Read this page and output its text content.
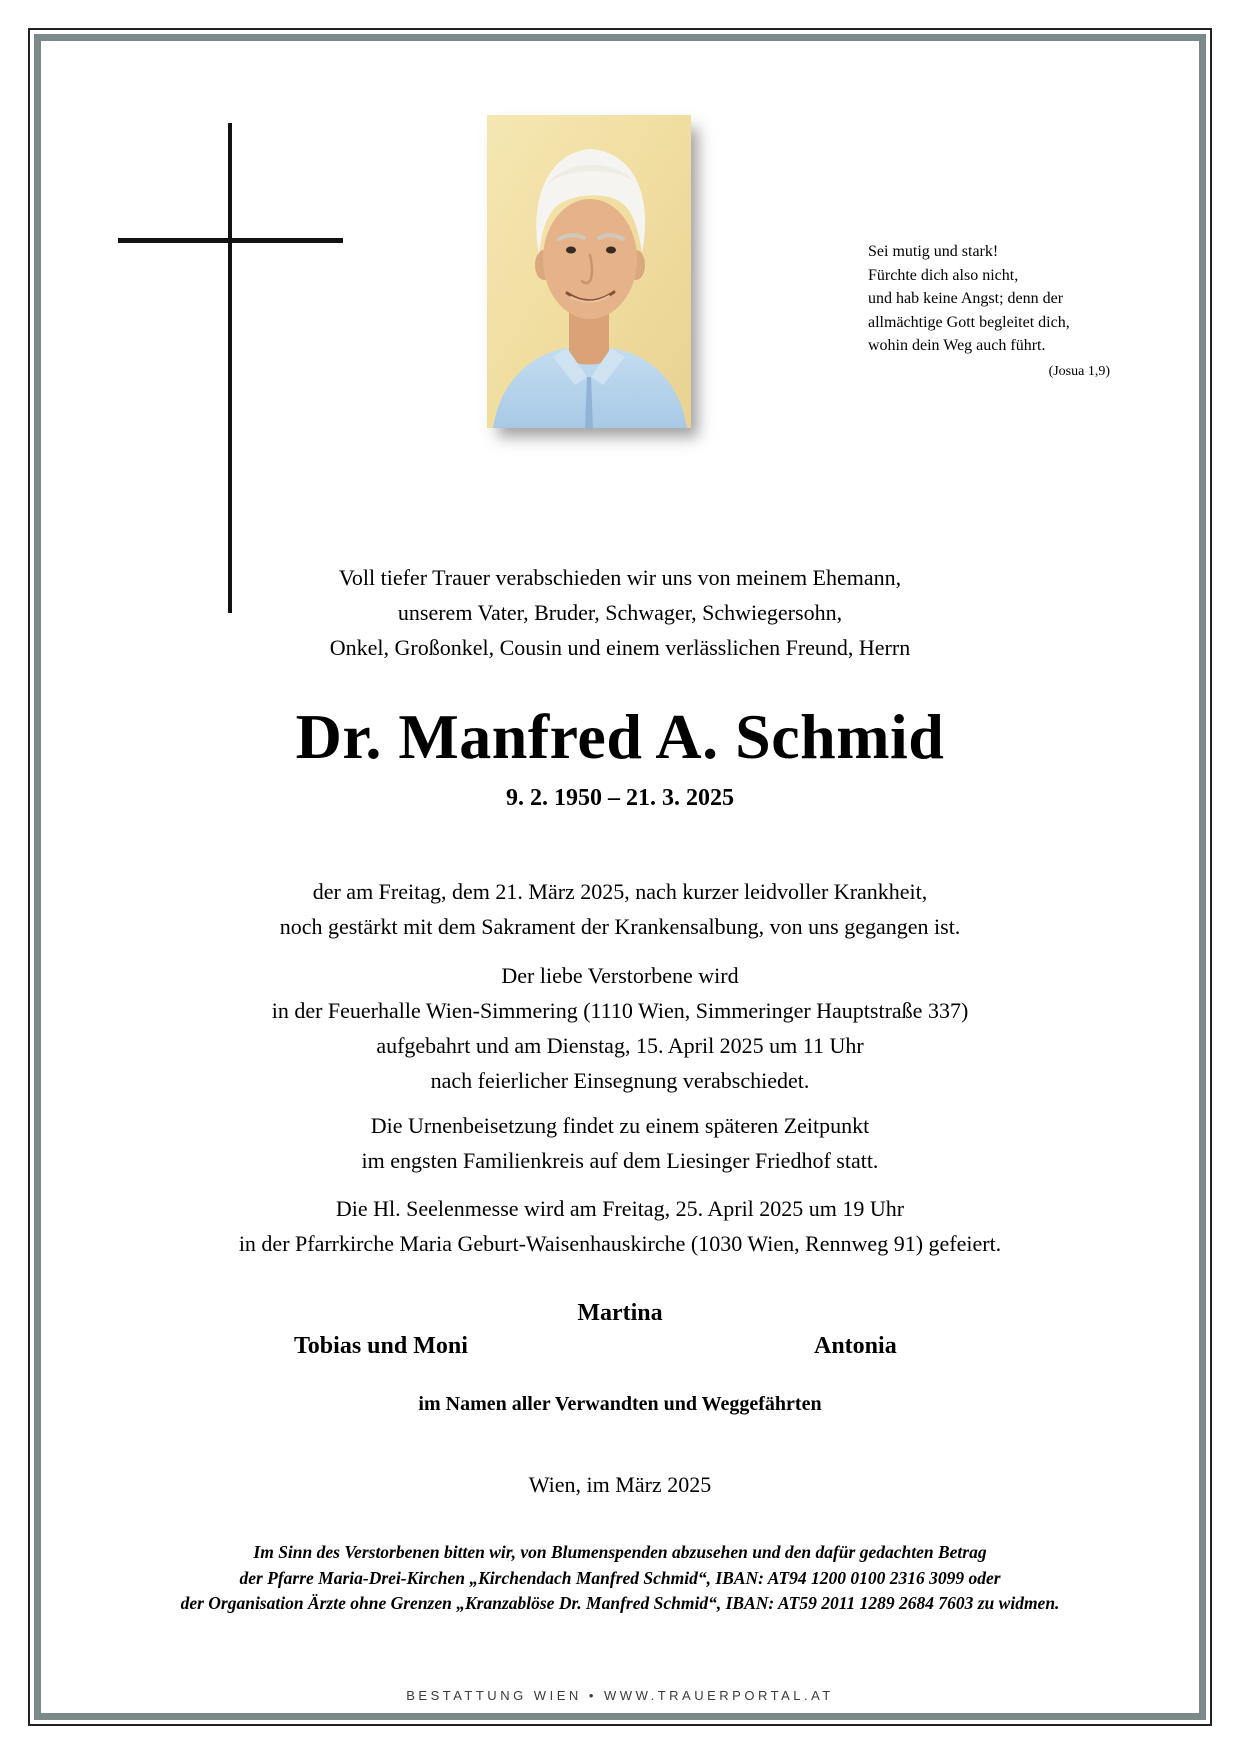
Sei mutig und stark!
Fürchte dich also nicht,
und hab keine Angst; denn der
allmächtige Gott begleitet dich,
wohin dein Weg auch führt.
(Josua 1,9)
Voll tiefer Trauer verabschieden wir uns von meinem Ehemann,
unserem Vater, Bruder, Schwager, Schwiegersohn,
Onkel, Großonkel, Cousin und einem verlässlichen Freund, Herrn
Dr. Manfred A. Schmid
9. 2. 1950 – 21. 3. 2025
der am Freitag, dem 21. März 2025, nach kurzer leidvoller Krankheit,
noch gestärkt mit dem Sakrament der Krankensalbung, von uns gegangen ist.
Der liebe Verstorbene wird
in der Feuerhalle Wien-Simmering (1110 Wien, Simmeringer Hauptstraße 337)
aufgebahrt und am Dienstag, 15. April 2025 um 11 Uhr
nach feierlicher Einsegnung verabschiedet.
Die Urnenbeisetzung findet zu einem späteren Zeitpunkt
im engsten Familienkreis auf dem Liesinger Friedhof statt.
Die Hl. Seelenmesse wird am Freitag, 25. April 2025 um 19 Uhr
in der Pfarrkirche Maria Geburt-Waisenhauskirche (1030 Wien, Rennweg 91) gefeiert.
Martina
Tobias und Moni	Antonia
im Namen aller Verwandten und Weggefährten
Wien, im März 2025
Im Sinn des Verstorbenen bitten wir, von Blumenspenden abzusehen und den dafür gedachten Betrag
der Pfarre Maria-Drei-Kirchen „Kirchendach Manfred Schmid“, IBAN: AT94 1200 0100 2316 3099 oder
der Organisation Ärzte ohne Grenzen „Kranzablöse Dr. Manfred Schmid“, IBAN: AT59 2011 1289 2684 7603 zu widmen.
BESTATTUNG WIEN • WWW.TRAUERPORTAL.AT
